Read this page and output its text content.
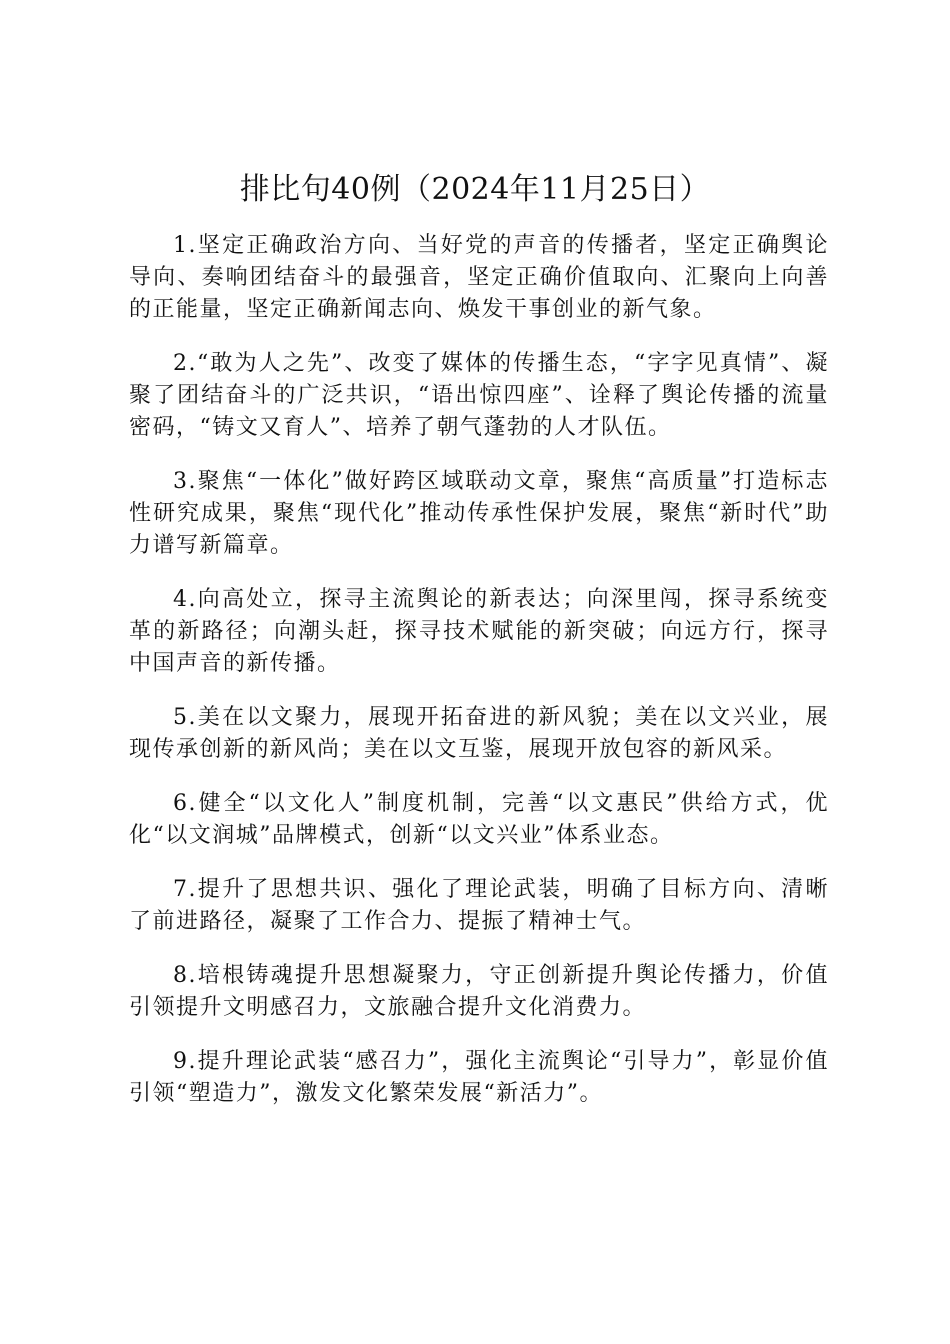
排比句40例（2024年11月25日）

1.坚定正确政治方向、当好党的声音的传播者，坚定正确舆论导向、奏响团结奋斗的最强音，坚定正确价值取向、汇聚向上向善的正能量，坚定正确新闻志向、焕发干事创业的新气象。

2.“敢为人之先”、改变了媒体的传播生态，“字字见真情”、凝聚了团结奋斗的广泛共识，“语出惊四座”、诠释了舆论传播的流量密码，“铸文又育人”、培养了朝气蓬勃的人才队伍。

3.聚焦“一体化”做好跨区域联动文章，聚焦“高质量”打造标志性研究成果，聚焦“现代化”推动传承性保护发展，聚焦“新时代”助力谱写新篇章。

4.向高处立，探寻主流舆论的新表达；向深里闯，探寻系统变革的新路径；向潮头赶，探寻技术赋能的新突破；向远方行，探寻中国声音的新传播。

5.美在以文聚力，展现开拓奋进的新风貌；美在以文兴业，展现传承创新的新风尚；美在以文互鉴，展现开放包容的新风采。

6.健全“以文化人”制度机制，完善“以文惠民”供给方式，优化“以文润城”品牌模式，创新“以文兴业”体系业态。

7.提升了思想共识、强化了理论武装，明确了目标方向、清晰了前进路径，凝聚了工作合力、提振了精神士气。

8.培根铸魂提升思想凝聚力，守正创新提升舆论传播力，价值引领提升文明感召力，文旅融合提升文化消费力。

9.提升理论武装“感召力”，强化主流舆论“引导力”，彰显价值引领“塑造力”，激发文化繁荣发展“新活力”。
